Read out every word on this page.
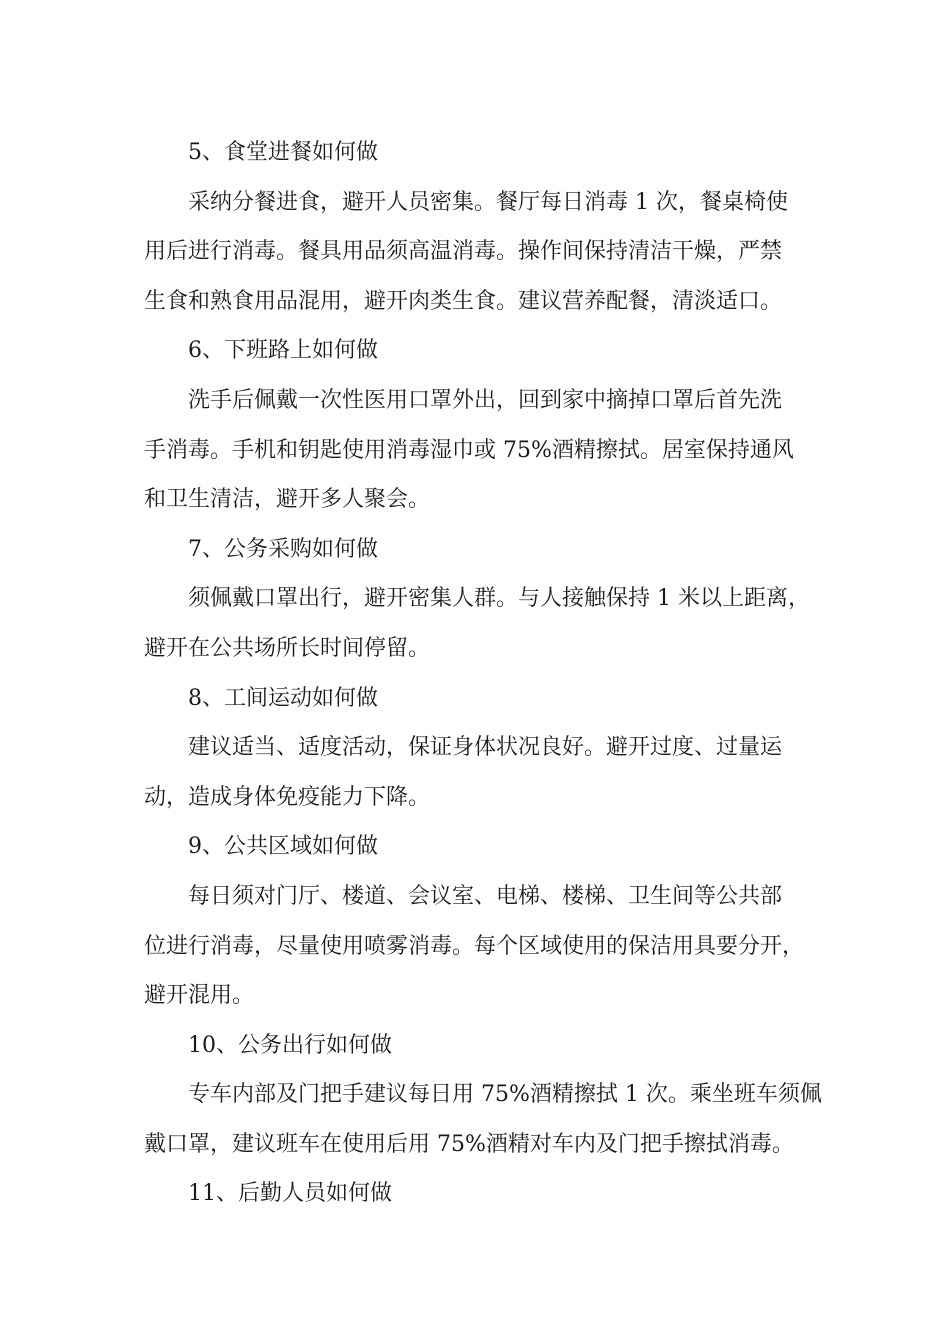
5、食堂进餐如何做

采纳分餐进食，避开人员密集。餐厅每日消毒 1 次，餐桌椅使

用后进行消毒。餐具用品须高温消毒。操作间保持清洁干燥，严禁

生食和熟食用品混用，避开肉类生食。建议营养配餐，清淡适口。

6、下班路上如何做

洗手后佩戴一次性医用口罩外出，回到家中摘掉口罩后首先洗

手消毒。手机和钥匙使用消毒湿巾或 75%酒精擦拭。居室保持通风

和卫生清洁，避开多人聚会。

7、公务采购如何做

须佩戴口罩出行，避开密集人群。与人接触保持 1 米以上距离，

避开在公共场所长时间停留。

8、工间运动如何做

建议适当、适度活动，保证身体状况良好。避开过度、过量运

动，造成身体免疫能力下降。

9、公共区域如何做

每日须对门厅、楼道、会议室、电梯、楼梯、卫生间等公共部

位进行消毒，尽量使用喷雾消毒。每个区域使用的保洁用具要分开，

避开混用。

10、公务出行如何做

专车内部及门把手建议每日用 75%酒精擦拭 1 次。乘坐班车须佩

戴口罩，建议班车在使用后用 75%酒精对车内及门把手擦拭消毒。

11、后勤人员如何做
